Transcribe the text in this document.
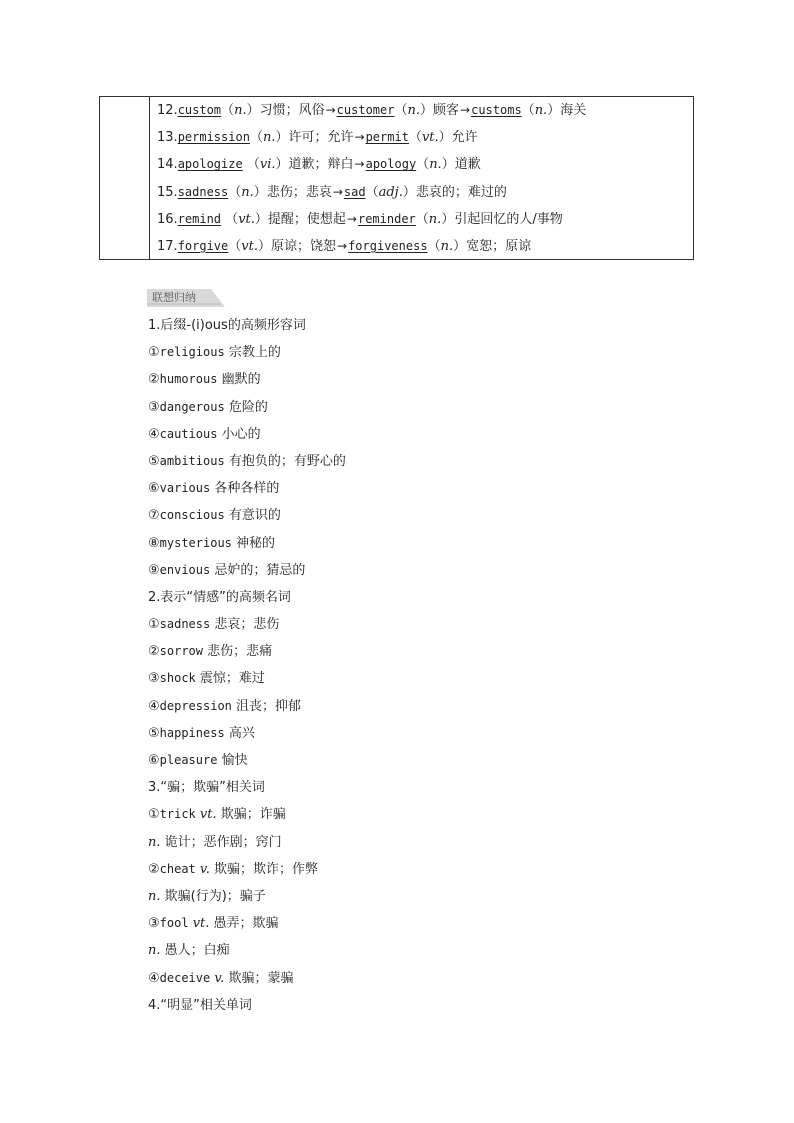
12.custom（n.）习惯；风俗→customer（n.）顾客→customs（n.）海关
13.permission（n.）许可；允许→permit（vt.）允许
14.apologize （vi.）道歉；辩白→apology（n.）道歉
15.sadness（n.）悲伤；悲哀→sad（adj.）悲哀的；难过的
16.remind （vt.）提醒；使想起→reminder（n.）引起回忆的人/事物
17.forgive（vt.）原谅；饶恕→forgiveness（n.）宽恕；原谅
联想归纳
1.后缀-(i)ous的高频形容词
①religious 宗教上的
②humorous 幽默的
③dangerous 危险的
④cautious 小心的
⑤ambitious 有抱负的；有野心的
⑥various 各种各样的
⑦conscious 有意识的
⑧mysterious 神秘的
⑨envious 忌妒的；猜忌的
2.表示“情感”的高频名词
①sadness 悲哀；悲伤
②sorrow 悲伤；悲痛
③shock 震惊；难过
④depression 沮丧；抑郁
⑤happiness 高兴
⑥pleasure 愉快
3.“骗；欺骗”相关词
①trick vt. 欺骗；诈骗
n. 诡计；恶作剧；窍门
②cheat v. 欺骗；欺诈；作弊
n. 欺骗(行为)；骗子
③fool vt. 愚弄；欺骗
n. 愚人；白痴
④deceive v. 欺骗；蒙骗
4.“明显”相关单词
